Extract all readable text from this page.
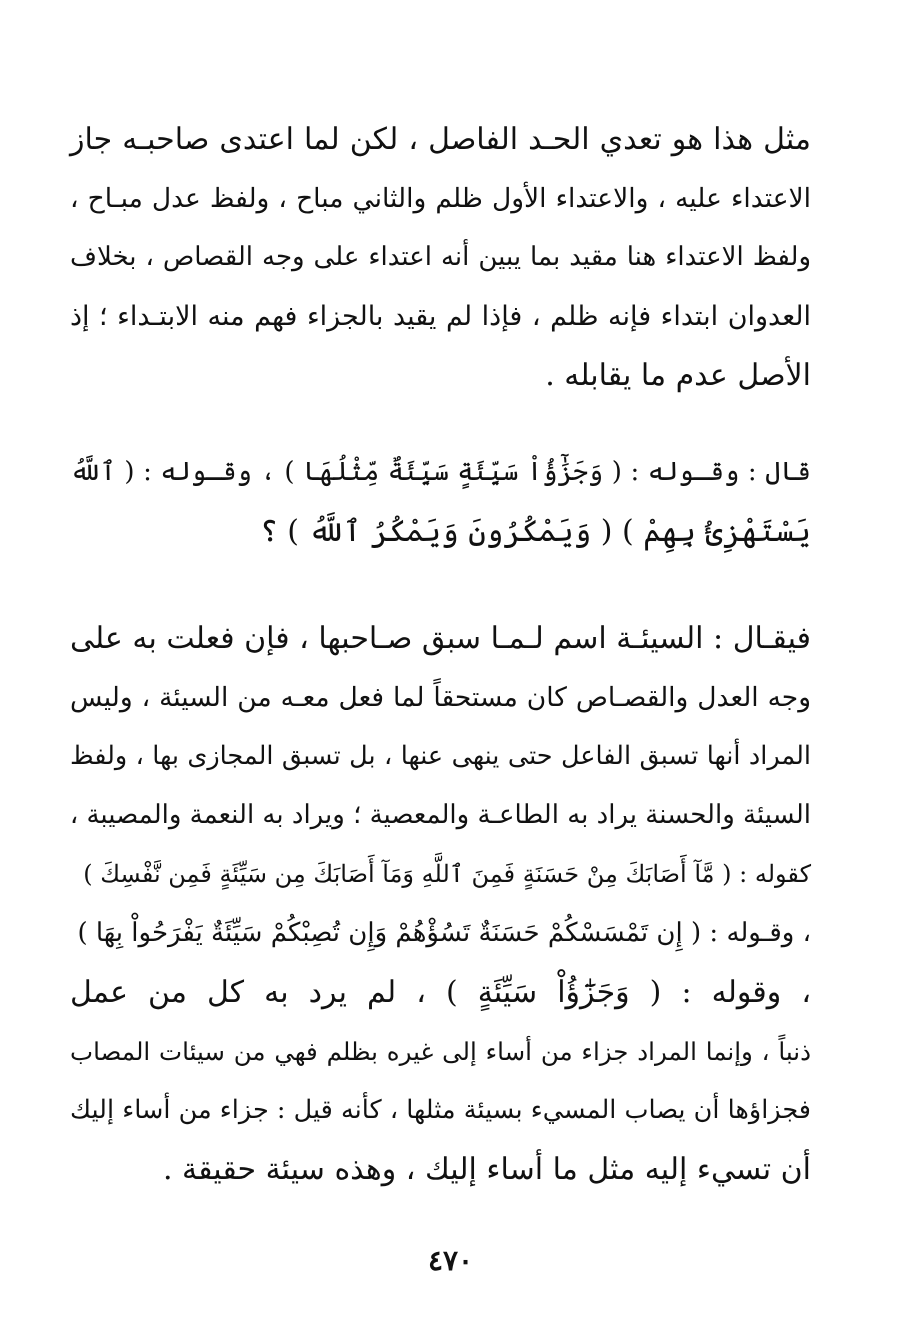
مثل هذا هو تعدي الحـد الفاصل ، لكن لما اعتدى صاحبـه جاز
الاعتداء عليه ، والاعتداء الأول ظلم والثاني مباح ، ولفظ عدل مبـاح ،
ولفظ الاعتداء هنا مقيد بما يبين أنه اعتداء على وجه القصاص ، بخلاف
العدوان ابتداء فإنه ظلم ، فإذا لم يقيد بالجزاء فهم منه الابتـداء ؛ إذ
الأصل عدم ما يقابله .
قال : وقـوله : ( وَجَزَٰٓؤُاْ سَيِّئَةٍ سَيِّئَةٌ مِّثْلُهَا ) ، وقـوله : ( ٱللَّهُ
يَسْتَهْزِئُ بِهِمْ ) ( وَيَمْكُرُونَ وَيَمْكُرُ ٱللَّهُ ) ؟
فيقـال : السيئـة اسم لـمـا سبق صـاحبها ، فإن فعلت به على
وجه العدل والقصـاص كان مستحقاً لما فعل معـه من السيئة ، وليس
المراد أنها تسبق الفاعل حتى ينهى عنها ، بل تسبق المجازى بها ، ولفظ
السيئة والحسنة يراد به الطاعـة والمعصية ؛ ويراد به النعمة والمصيبة ،
كقوله : ( مَّآ أَصَابَكَ مِنْ حَسَنَةٍ فَمِنَ ٱللَّهِ وَمَآ أَصَابَكَ مِن سَيِّئَةٍ فَمِن نَّفْسِكَ )
، وقـوله : ( إِن تَمْسَسْكُمْ حَسَنَةٌ تَسُؤْهُمْ وَإِن تُصِبْكُمْ سَيِّئَةٌ يَفْرَحُواْ بِهَا )
، وقوله : ( وَجَزَٰٓؤُاْ سَيِّئَةٍ ) ، لم يرد به كل من عمل
ذنباً ، وإنما المراد جزاء من أساء إلى غيره بظلم فهي من سيئات المصاب
فجزاؤها أن يصاب المسيء بسيئة مثلها ، كأنه قيل : جزاء من أساء إليك
أن تسيء إليه مثل ما أساء إليك ، وهذه سيئة حقيقة .
٤٧٠
